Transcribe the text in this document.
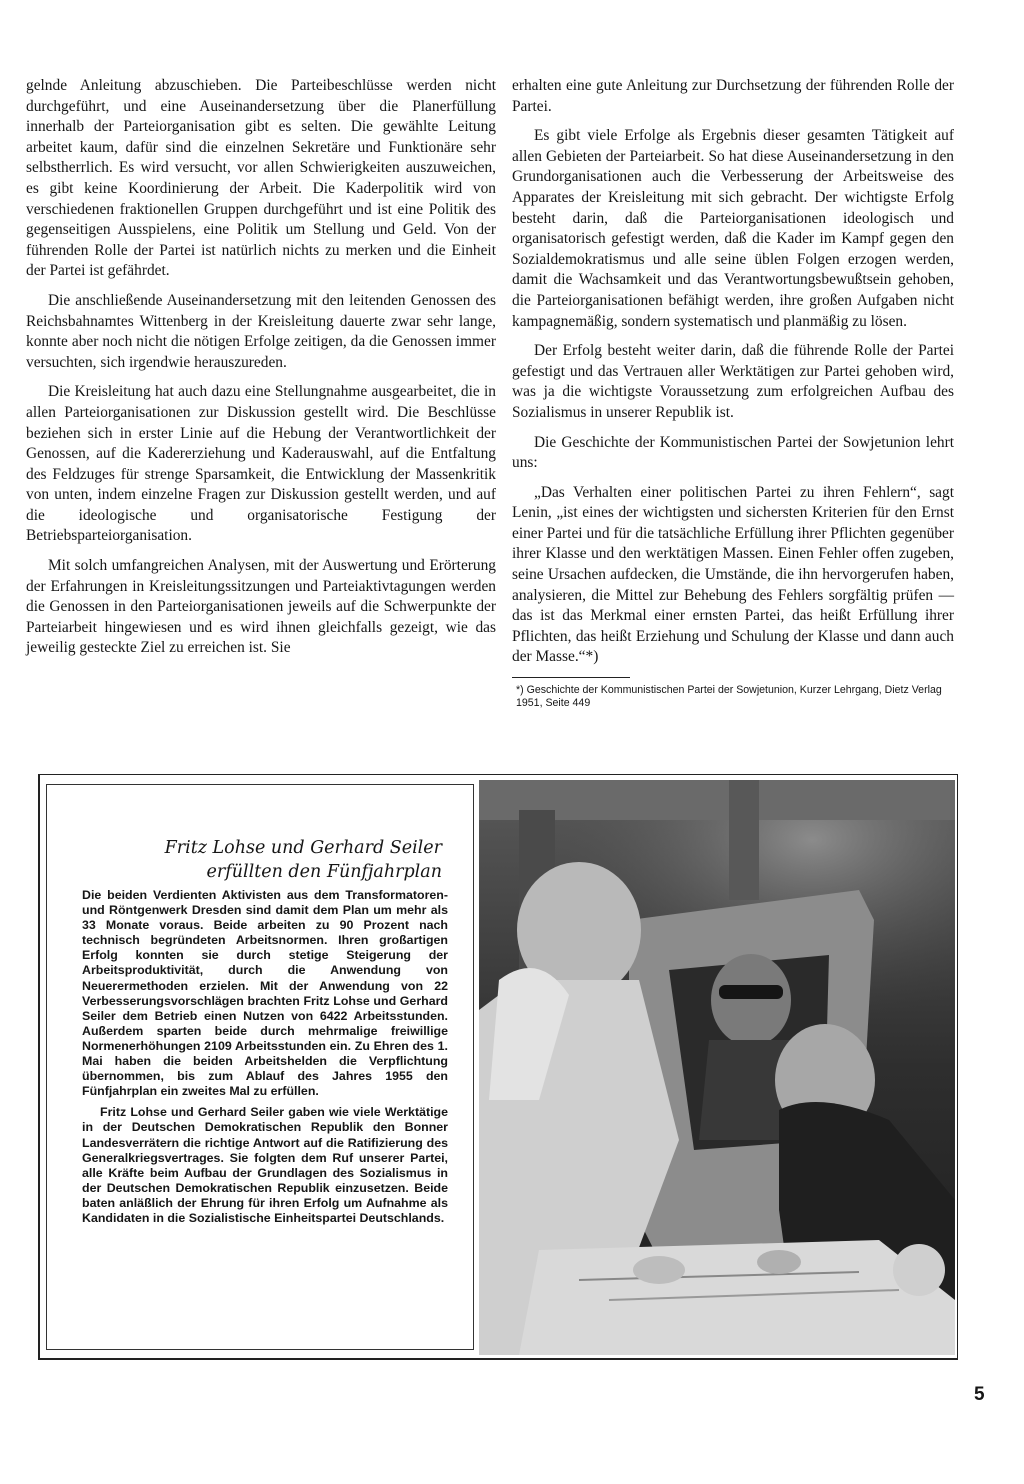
gelnde Anleitung abzuschieben. Die Parteibeschlüsse werden nicht durchgeführt, und eine Auseinandersetzung über die Planerfüllung innerhalb der Parteiorganisation gibt es selten. Die gewählte Leitung arbeitet kaum, dafür sind die einzelnen Sekretäre und Funktionäre sehr selbstherrlich. Es wird versucht, vor allen Schwierigkeiten auszuweichen, es gibt keine Koordinierung der Arbeit. Die Kaderpolitik wird von verschiedenen fraktionellen Gruppen durchgeführt und ist eine Politik des gegenseitigen Ausspielens, eine Politik um Stellung und Geld. Von der führenden Rolle der Partei ist natürlich nichts zu merken und die Einheit der Partei ist gefährdet.

Die anschließende Auseinandersetzung mit den leitenden Genossen des Reichsbahnamtes Wittenberg in der Kreisleitung dauerte zwar sehr lange, konnte aber noch nicht die nötigen Erfolge zeitigen, da die Genossen immer versuchten, sich irgendwie herauszureden.

Die Kreisleitung hat auch dazu eine Stellungnahme ausgearbeitet, die in allen Parteiorganisationen zur Diskussion gestellt wird. Die Beschlüsse beziehen sich in erster Linie auf die Hebung der Verantwortlichkeit der Genossen, auf die Kadererziehung und Kaderauswahl, auf die Entfaltung des Feldzuges für strenge Sparsamkeit, die Entwicklung der Massenkritik von unten, indem einzelne Fragen zur Diskussion gestellt werden, und auf die ideologische und organisatorische Festigung der Betriebsparteiorganisation.

Mit solch umfangreichen Analysen, mit der Auswertung und Erörterung der Erfahrungen in Kreisleitungssitzungen und Parteiaktivtagungen werden die Genossen in den Parteiorganisationen jeweils auf die Schwerpunkte der Parteiarbeit hingewiesen und es wird ihnen gleichfalls gezeigt, wie das jeweilig gesteckte Ziel zu erreichen ist. Sie

erhalten eine gute Anleitung zur Durchsetzung der führenden Rolle der Partei.

Es gibt viele Erfolge als Ergebnis dieser gesamten Tätigkeit auf allen Gebieten der Parteiarbeit. So hat diese Auseinandersetzung in den Grundorganisationen auch die Verbesserung der Arbeitsweise des Apparates der Kreisleitung mit sich gebracht. Der wichtigste Erfolg besteht darin, daß die Parteiorganisationen ideologisch und organisatorisch gefestigt werden, daß die Kader im Kampf gegen den Sozialdemokratismus und alle seine üblen Folgen erzogen werden, damit die Wachsamkeit und das Verantwortungsbewußtsein gehoben, die Parteiorganisationen befähigt werden, ihre großen Aufgaben nicht kampagnemäßig, sondern systematisch und planmäßig zu lösen.

Der Erfolg besteht weiter darin, daß die führende Rolle der Partei gefestigt und das Vertrauen aller Werktätigen zur Partei gehoben wird, was ja die wichtigste Voraussetzung zum erfolgreichen Aufbau des Sozialismus in unserer Republik ist.

Die Geschichte der Kommunistischen Partei der Sowjetunion lehrt uns:

„Das Verhalten einer politischen Partei zu ihren Fehlern“, sagt Lenin, „ist eines der wichtigsten und sichersten Kriterien für den Ernst einer Partei und für die tatsächliche Erfüllung ihrer Pflichten gegenüber ihrer Klasse und den werktätigen Massen. Einen Fehler offen zugeben, seine Ursachen aufdecken, die Umstände, die ihn hervorgerufen haben, analysieren, die Mittel zur Behebung des Fehlers sorgfältig prüfen — das ist das Merkmal einer ernsten Partei, das heißt Erfüllung ihrer Pflichten, das heißt Erziehung und Schulung der Klasse und dann auch der Masse.“*)

*) Geschichte der Kommunistischen Partei der Sowjetunion, Kurzer Lehrgang, Dietz Verlag 1951, Seite 449
Fritz Lohse und Gerhard Seiler
erfüllten den Fünfjahrplan

Die beiden Verdienten Aktivisten aus dem Transformatoren- und Röntgenwerk Dresden sind damit dem Plan um mehr als 33 Monate voraus. Beide arbeiten zu 90 Prozent nach technisch begründeten Arbeitsnormen. Ihren großartigen Erfolg konnten sie durch stetige Steigerung der Arbeitsproduktivität, durch die Anwendung von Neuerermethoden erzielen. Mit der Anwendung von 22 Verbesserungsvorschlägen brachten Fritz Lohse und Gerhard Seiler dem Betrieb einen Nutzen von 6422 Arbeitsstunden. Außerdem sparten beide durch mehrmalige freiwillige Normenerhöhungen 2109 Arbeitsstunden ein. Zu Ehren des 1. Mai haben die beiden Arbeitshelden die Verpflichtung übernommen, bis zum Ablauf des Jahres 1955 den Fünfjahrplan ein zweites Mal zu erfüllen.

Fritz Lohse und Gerhard Seiler gaben wie viele Werktätige in der Deutschen Demokratischen Republik den Bonner Landesverrätern die richtige Antwort auf die Ratifizierung des Generalkriegsvertrages. Sie folgten dem Ruf unserer Partei, alle Kräfte beim Aufbau der Grundlagen des Sozialismus in der Deutschen Demokratischen Republik einzusetzen. Beide baten anläßlich der Ehrung für ihren Erfolg um Aufnahme als Kandidaten in die Sozialistische Einheitspartei Deutschlands.

5
